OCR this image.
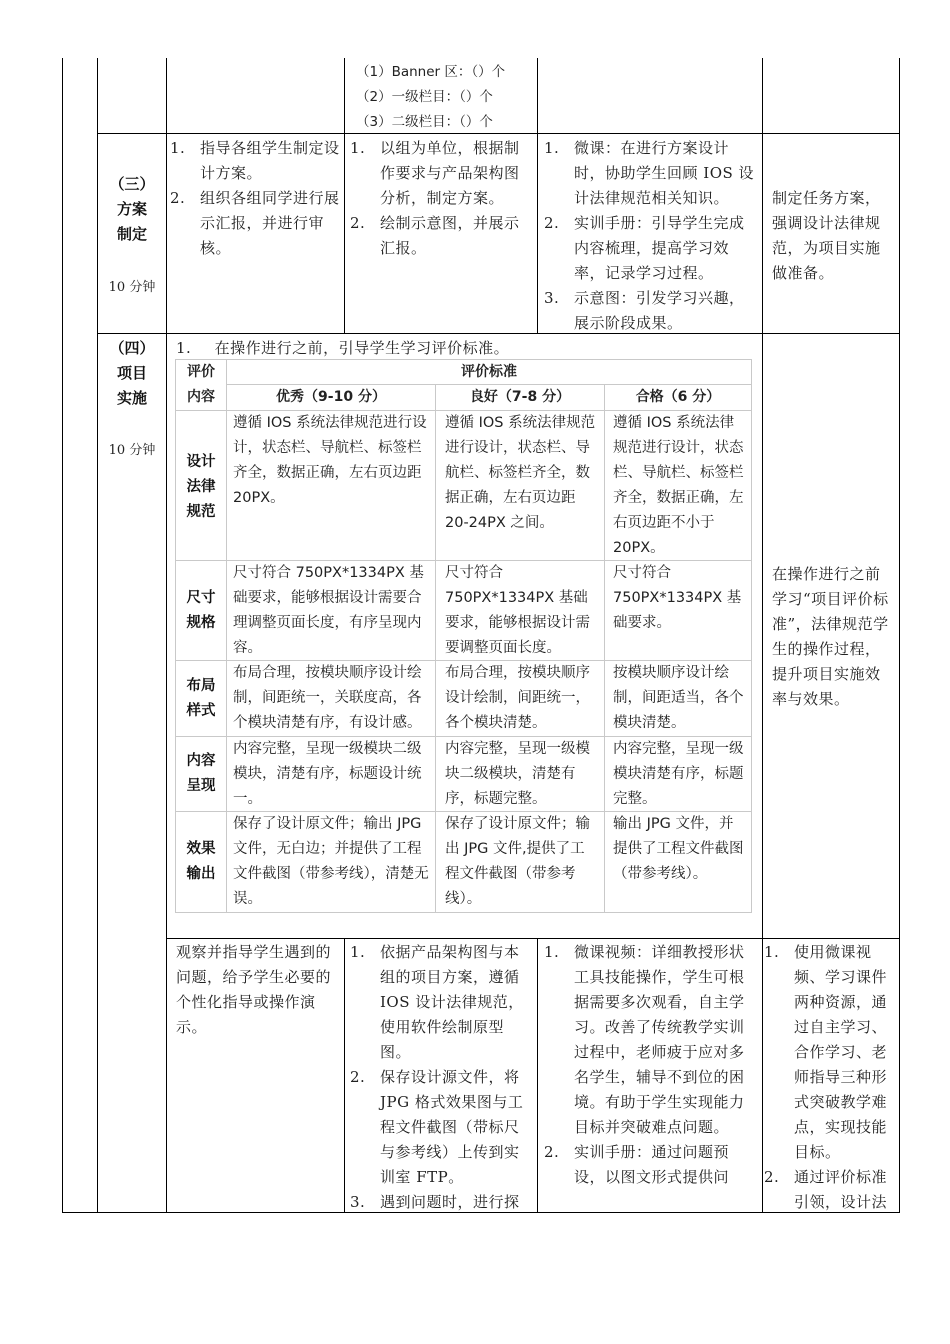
（1）Banner 区：（）个
（2）一级栏目：（）个
（3）二级栏目：（）个
（三）
方案
制定
10 分钟
1. 指导各组学生制定设计方案。
2. 组织各组同学进行展示汇报，并进行审核。
1. 以组为单位，根据制作要求与产品架构图分析，制定方案。
2. 绘制示意图，并展示汇报。
1. 微课：在进行方案设计时，协助学生回顾 IOS 设计法律规范相关知识。
2. 实训手册：引导学生完成内容梳理，提高学习效率，记录学习过程。
3. 示意图：引发学习兴趣，展示阶段成果。
制定任务方案，强调设计法律规范，为项目实施做准备。
（四）
项目
实施
10 分钟
1. 在操作进行之前，引导学生学习评价标准。
评价
内容
评价标准
优秀（9-10 分）	良好（7-8 分）	合格（6 分）
设计
法律
规范
遵循 IOS 系统法律规范进行设计，状态栏、导航栏、标签栏齐全，数据正确，左右页边距20PX。
遵循 IOS 系统法律规范进行设计，状态栏、导航栏、标签栏齐全，数据正确，左右页边距20-24PX 之间。
遵循 IOS 系统法律规范进行设计，状态栏、导航栏、标签栏齐全，数据正确，左右页边距不小于20PX。
尺寸
规格
尺寸符合 750PX*1334PX 基础要求，能够根据设计需要合理调整页面长度，有序呈现内容。
尺寸符合 750PX*1334PX 基础要求，能够根据设计需要调整页面长度。
尺寸符合 750PX*1334PX 基础要求。
布局
样式
布局合理，按模块顺序设计绘制，间距统一，关联度高，各个模块清楚有序，有设计感。
布局合理，按模块顺序设计绘制，间距统一，各个模块清楚。
按模块顺序设计绘制，间距适当，各个模块清楚。
内容
呈现
内容完整，呈现一级模块二级模块，清楚有序，标题设计统一。
内容完整，呈现一级模块二级模块，清楚有序，标题完整。
内容完整，呈现一级模块清楚有序，标题完整。
效果
输出
保存了设计原文件；输出 JPG 文件，无白边；并提供了工程文件截图（带参考线），清楚无误。
保存了设计原文件；输出 JPG 文件,提供了工程文件截图（带参考线）。
输出 JPG 文件，并提供了工程文件截图（带参考线）。
在操作进行之前学习“项目评价标准”，法律规范学生的操作过程，提升项目实施效率与效果。
观察并指导学生遇到的问题，给予学生必要的个性化指导或操作演示。
1. 依据产品架构图与本组的项目方案，遵循 IOS 设计法律规范，使用软件绘制原型图。
2. 保存设计源文件，将 JPG 格式效果图与工程文件截图（带标尺与参考线）上传到实训室 FTP。
3. 遇到问题时，进行探
1. 微课视频：详细教授形状工具技能操作，学生可根据需要多次观看，自主学习。改善了传统教学实训过程中，老师疲于应对多名学生，辅导不到位的困境。有助于学生实现能力目标并突破难点问题。
2. 实训手册：通过问题预设，以图文形式提供问
1. 使用微课视频、学习课件两种资源，通过自主学习、合作学习、老师指导三种形式突破教学难点，实现技能目标。
2. 通过评价标准引领，设计法
